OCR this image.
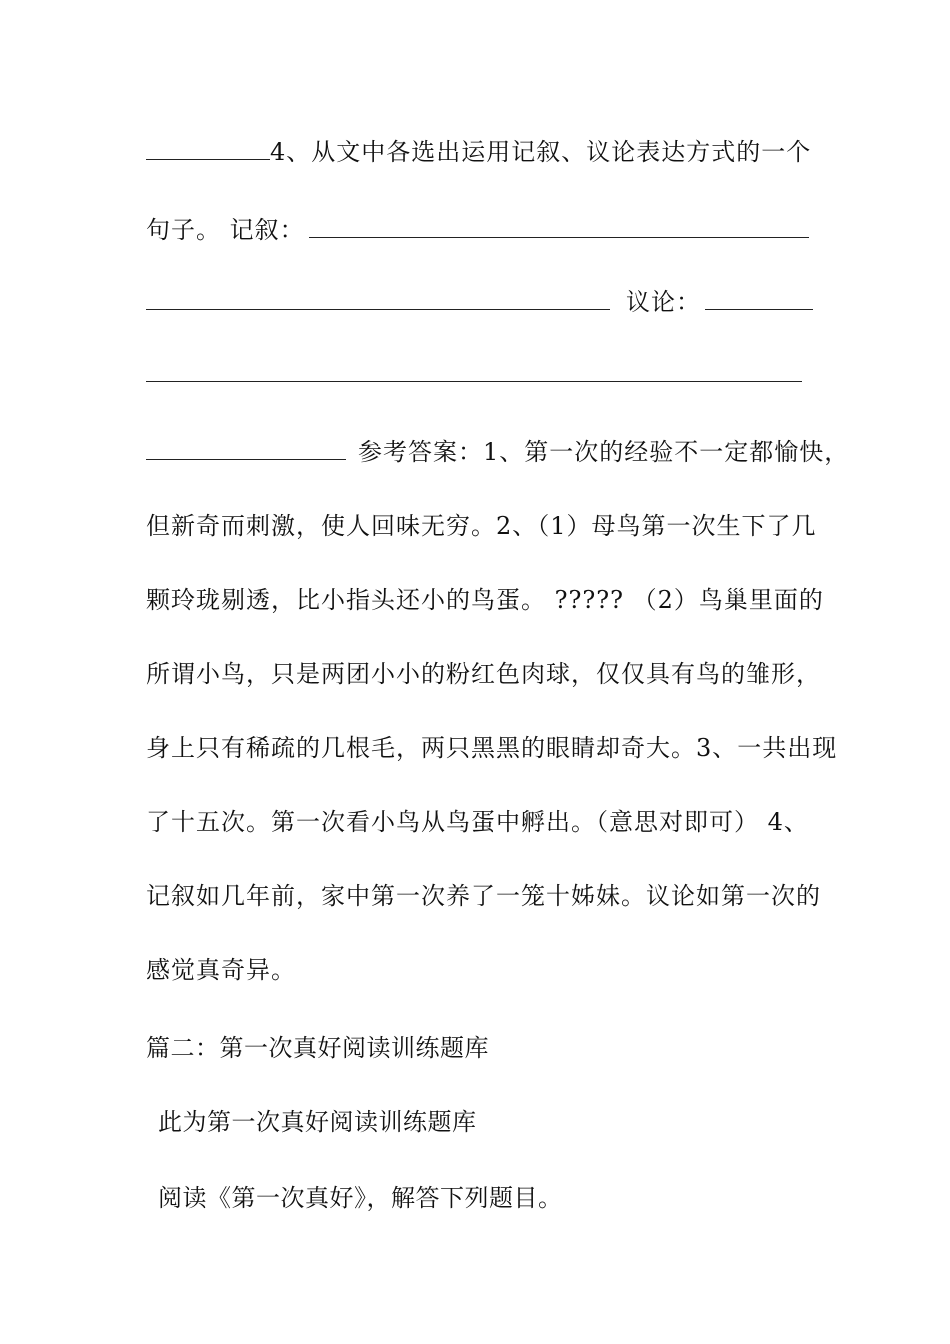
4、从文中各选出运用记叙、议论表达方式的一个
句子。 记叙：
议论：
参考答案：1、第一次的经验不一定都愉快，
但新奇而刺激，使人回味无穷。2、（1）母鸟第一次生下了几
颗玲珑剔透，比小指头还小的鸟蛋。 ????? （2）鸟巢里面的
所谓小鸟，只是两团小小的粉红色肉球，仅仅具有鸟的雏形，
身上只有稀疏的几根毛，两只黑黑的眼睛却奇大。3、一共出现
了十五次。第一次看小鸟从鸟蛋中孵出。（意思对即可） 4、
记叙如几年前，家中第一次养了一笼十姊妹。议论如第一次的
感觉真奇异。
篇二：第一次真好阅读训练题库
此为第一次真好阅读训练题库
阅读《第一次真好》，解答下列题目。
